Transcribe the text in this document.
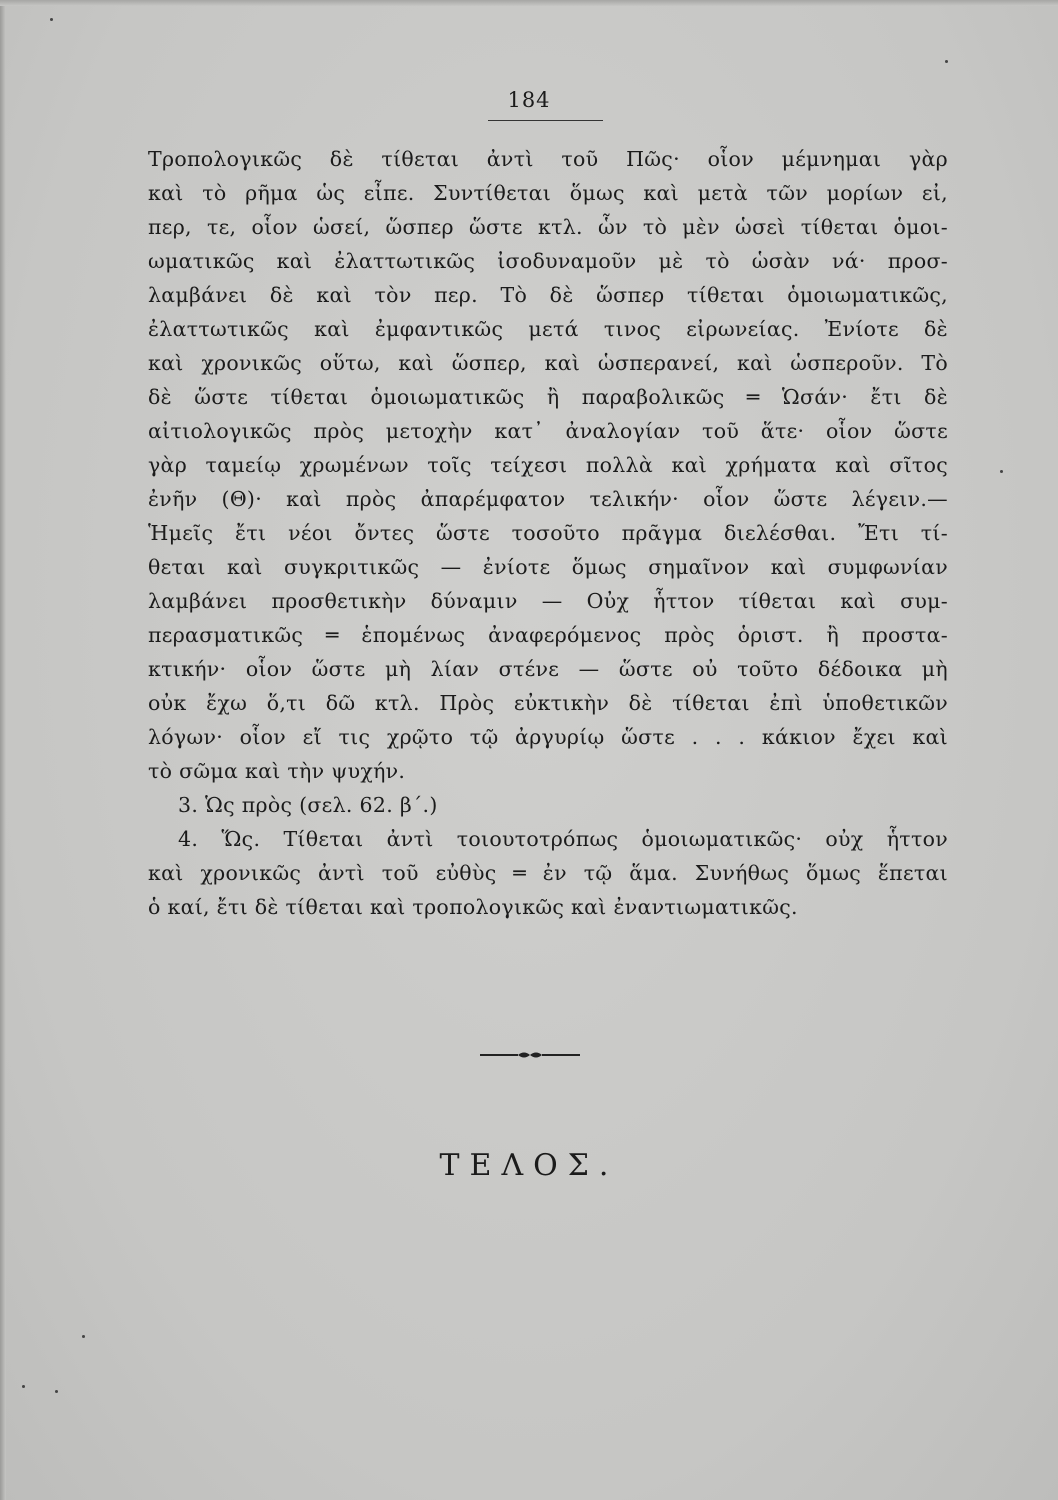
184
Τροπολογικῶς δὲ τίθεται ἀντὶ τοῦ Πῶς· οἷον μέμνημαι γὰρ
καὶ τὸ ρῆμα ὡς εἶπε. Συντίθεται ὅμως καὶ μετὰ τῶν μορίων εἰ,
περ, τε, οἷον ὡσεί, ὥσπερ ὥστε κτλ. ὧν τὸ μὲν ὡσεὶ τίθεται ὁμοι-
ωματικῶς καὶ ἐλαττωτικῶς ἰσοδυναμοῦν μὲ τὸ ὡσὰν νά· προσ-
λαμβάνει δὲ καὶ τὸν περ. Τὸ δὲ ὥσπερ τίθεται ὁμοιωματικῶς,
ἐλαττωτικῶς καὶ ἐμφαντικῶς μετά τινος εἰρωνείας. Ἐνίοτε δὲ
καὶ χρονικῶς οὕτω, καὶ ὥσπερ, καὶ ὡσπερανεί, καὶ ὡσπεροῦν. Τὸ
δὲ ὥστε τίθεται ὁμοιωματικῶς ἢ παραβολικῶς ═ Ὡσάν· ἔτι δὲ
αἰτιολογικῶς πρὸς μετοχὴν κατ᾽ ἀναλογίαν τοῦ ἅτε· οἷον ὥστε
γὰρ ταμείῳ χρωμένων τοῖς τείχεσι πολλὰ καὶ χρήματα καὶ σῖτος
ἐνῆν (Θ)· καὶ πρὸς ἀπαρέμφατον τελικήν· οἷον ὥστε λέγειν.—
Ἡμεῖς ἔτι νέοι ὄντες ὥστε τοσοῦτο πρᾶγμα διελέσθαι. Ἔτι τί-
θεται καὶ συγκριτικῶς — ἐνίοτε ὅμως σημαῖνον καὶ συμφωνίαν
λαμβάνει προσθετικὴν δύναμιν — Οὐχ ἧττον τίθεται καὶ συμ-
περασματικῶς ═ ἑπομένως ἀναφερόμενος πρὸς ὁριστ. ἢ προστα-
κτικήν· οἷον ὥστε μὴ λίαν στένε — ὥστε οὐ τοῦτο δέδοικα μὴ
οὐκ ἔχω ὅ,τι δῶ κτλ. Πρὸς εὐκτικὴν δὲ τίθεται ἐπὶ ὑποθετικῶν
λόγων· οἷον εἴ τις χρῷτο τῷ ἀργυρίῳ ὥστε . . . κάκιον ἔχει καὶ
τὸ σῶμα καὶ τὴν ψυχήν.
3. Ὡς πρὸς (σελ. 62. β΄.)
4. Ὥς. Τίθεται ἀντὶ τοιουτοτρόπως ὁμοιωματικῶς· οὐχ ἧττον
καὶ χρονικῶς ἀντὶ τοῦ εὐθὺς ═ ἐν τῷ ἅμα. Συνήθως ὅμως ἕπεται
ὁ καί, ἔτι δὲ τίθεται καὶ τροπολογικῶς καὶ ἐναντιωματικῶς.
ΤΕΛΟΣ.
